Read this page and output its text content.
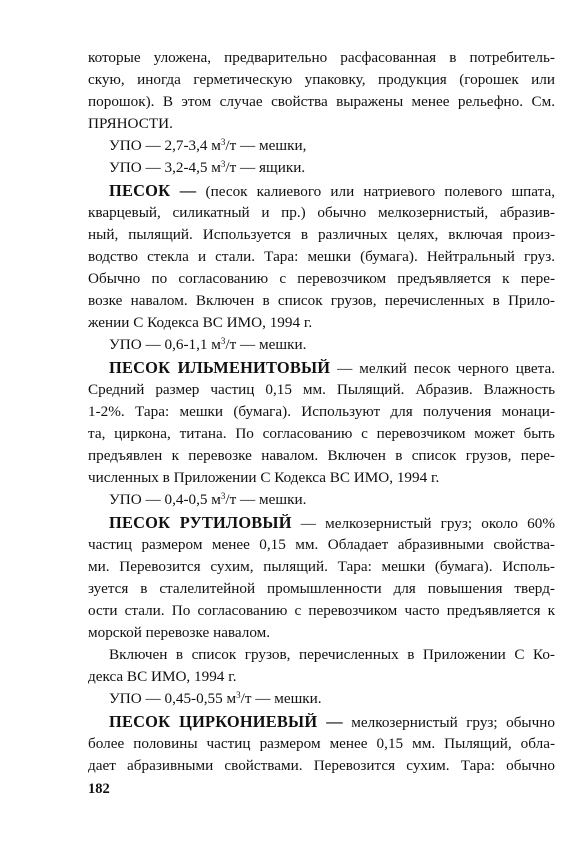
которые уложена, предварительно расфасованная в потребитель-
скую, иногда герметическую упаковку, продукция (горошек или
порошок). В этом случае свойства выражены менее рельефно. См.
ПРЯНОСТИ.
УПО — 2,7-3,4 $м^3/т$ — мешки,
УПО — 3,2-4,5 $м^3/т$ — ящики.
ПЕСОК — (песок калиевого или натриевого полевого шпата,
кварцевый, силикатный и пр.) обычно мелкозернистый, абразив-
ный, пылящий. Используется в различных целях, включая произ-
водство стекла и стали. Тара: мешки (бумага). Нейтральный груз.
Обычно по согласованию с перевозчиком предъявляется к пере-
возке навалом. Включен в список грузов, перечисленных в Прило-
жении С Кодекса ВС ИМО, 1994 г.
УПО — 0,6-1,1 $м^3/т$ — мешки.
ПЕСОК ИЛЬМЕНИТОВЫЙ — мелкий песок черного цвета.
Средний размер частиц 0,15 мм. Пылящий. Абразив. Влажность
1-2%. Тара: мешки (бумага). Используют для получения монаци-
та, циркона, титана. По согласованию с перевозчиком может быть
предъявлен к перевозке навалом. Включен в список грузов, пере-
численных в Приложении С Кодекса ВС ИМО, 1994 г.
УПО — 0,4-0,5 $м^3/т$ — мешки.
ПЕСОК РУТИЛОВЫЙ — мелкозернистый груз; около 60%
частиц размером менее 0,15 мм. Обладает абразивными свойства-
ми. Перевозится сухим, пылящий. Тара: мешки (бумага). Исполь-
зуется в сталелитейной промышленности для повышения тверд-
ости стали. По согласованию с перевозчиком часто предъявляется к
морской перевозке навалом.
Включен в список грузов, перечисленных в Приложении С Ко-
декса ВС ИМО, 1994 г.
УПО — 0,45-0,55 $м^3/т$ — мешки.
ПЕСОК ЦИРКОНИЕВЫЙ — мелкозернистый груз; обычно
более половины частиц размером менее 0,15 мм. Пылящий, обла-
дает абразивными свойствами. Перевозится сухим. Тара: обычно
182
